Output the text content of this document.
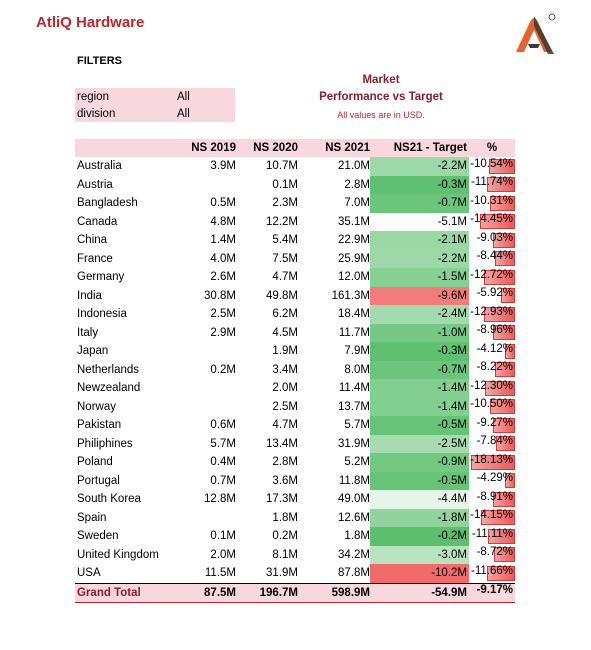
AtliQ Hardware
FILTERS
region	All
division	All
Market
Performance vs Target
All values are in USD.
	NS 2019	NS 2020	NS 2021	NS21 - Target	%
Australia	3.9M	10.7M	21.0M	-2.2M	-10.54%

Austria		0.1M	2.8M	-0.3M	-11.74%

Bangladesh	0.5M	2.3M	7.0M	-0.7M	-10.31%

Canada	4.8M	12.2M	35.1M	-5.1M	-14.45%

China	1.4M	5.4M	22.9M	-2.1M	-9.03%

France	4.0M	7.5M	25.9M	-2.2M	-8.44%

Germany	2.6M	4.7M	12.0M	-1.5M	-12.72%

India	30.8M	49.8M	161.3M	-9.6M	-5.92%

Indonesia	2.5M	6.2M	18.4M	-2.4M	-12.93%

Italy	2.9M	4.5M	11.7M	-1.0M	-8.96%

Japan		1.9M	7.9M	-0.3M	-4.12%

Netherlands	0.2M	3.4M	8.0M	-0.7M	-8.22%

Newzealand		2.0M	11.4M	-1.4M	-12.30%

Norway		2.5M	13.7M	-1.4M	-10.50%

Pakistan	0.6M	4.7M	5.7M	-0.5M	-9.27%

Philiphines	5.7M	13.4M	31.9M	-2.5M	-7.84%

Poland	0.4M	2.8M	5.2M	-0.9M	-18.13%

Portugal	0.7M	3.6M	11.8M	-0.5M	-4.29%

South Korea	12.8M	17.3M	49.0M	-4.4M	-8.91%

Spain		1.8M	12.6M	-1.8M	-14.15%

Sweden	0.1M	0.2M	1.8M	-0.2M	-11.11%

United Kingdom	2.0M	8.1M	34.2M	-3.0M	-8.72%

USA	11.5M	31.9M	87.8M	-10.2M	-11.66%

Grand Total	87.5M	196.7M	598.9M	-54.9M	-9.17%
